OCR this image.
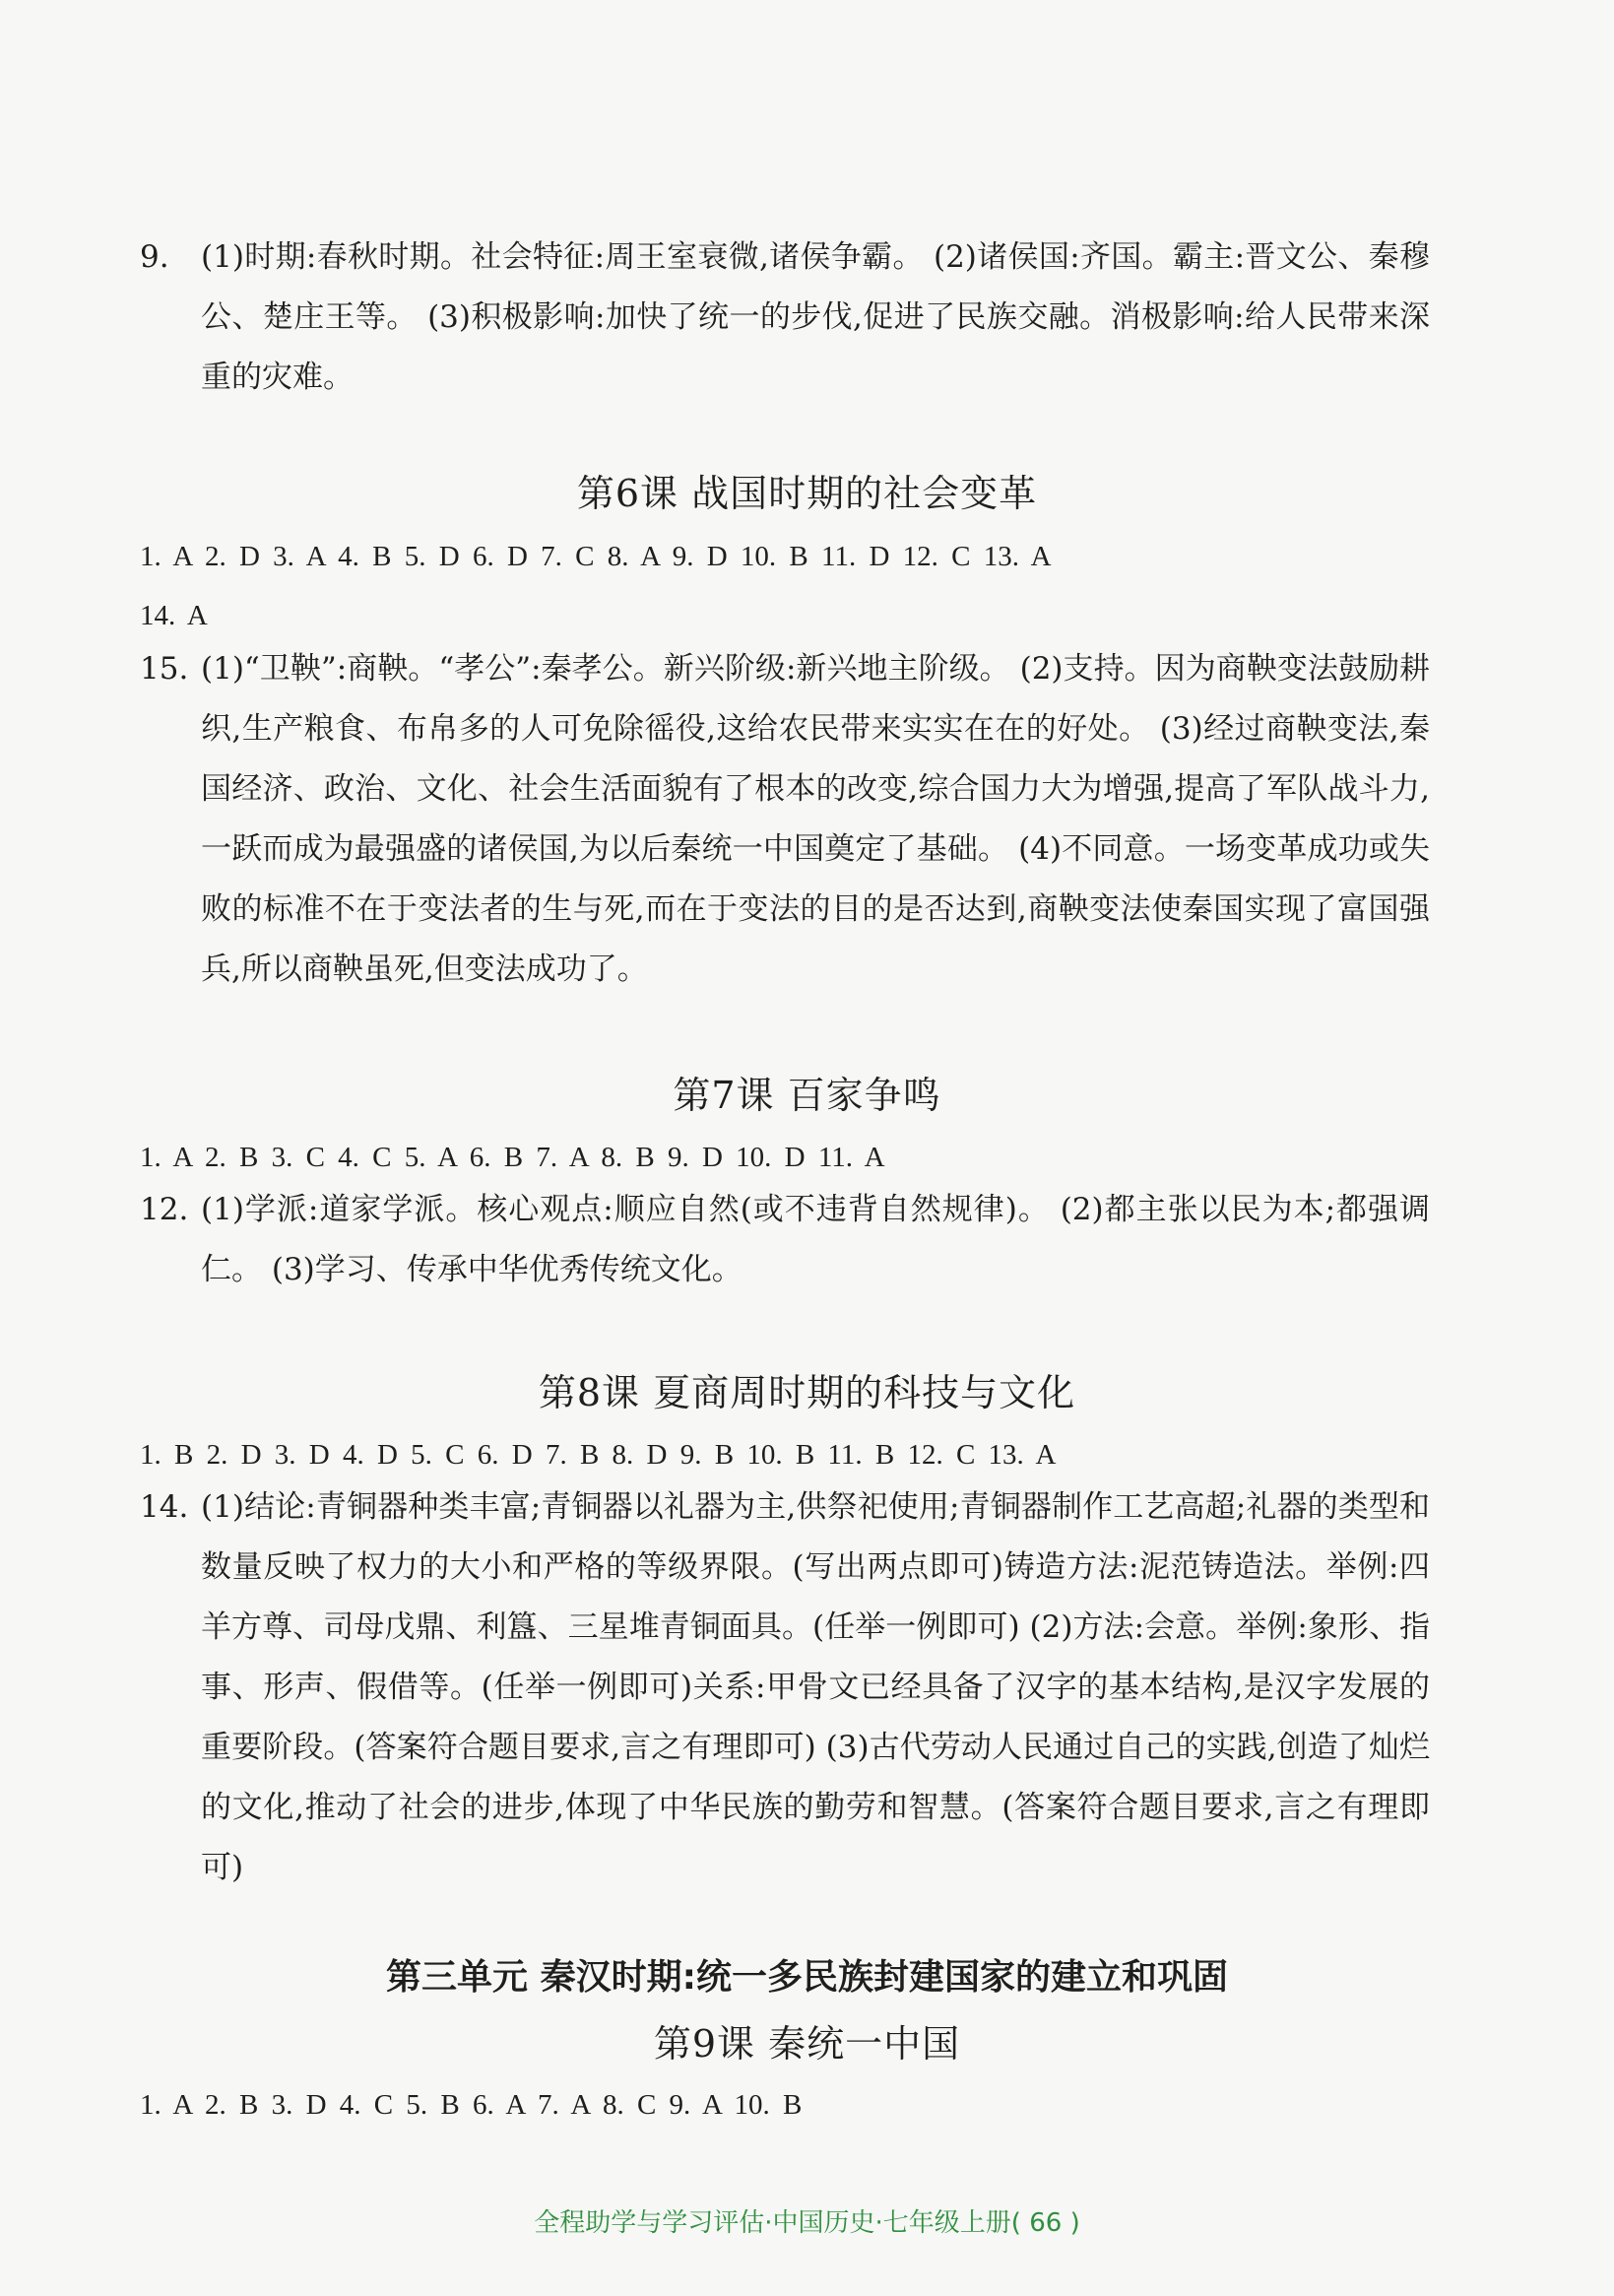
9. (1)时期:春秋时期。社会特征:周王室衰微,诸侯争霸。 (2)诸侯国:齐国。霸主:晋文公、秦穆公、楚庄王等。 (3)积极影响:加快了统一的步伐,促进了民族交融。消极影响:给人民带来深重的灾难。
第6课 战国时期的社会变革
1. A 2. D 3. A 4. B 5. D 6. D 7. C 8. A 9. D 10. B 11. D 12. C 13. A
14. A
15. (1)“卫鞅”:商鞅。“孝公”:秦孝公。新兴阶级:新兴地主阶级。 (2)支持。因为商鞅变法鼓励耕织,生产粮食、布帛多的人可免除徭役,这给农民带来实实在在的好处。 (3)经过商鞅变法,秦国经济、政治、文化、社会生活面貌有了根本的改变,综合国力大为增强,提高了军队战斗力,一跃而成为最强盛的诸侯国,为以后秦统一中国奠定了基础。 (4)不同意。一场变革成功或失败的标准不在于变法者的生与死,而在于变法的目的是否达到,商鞅变法使秦国实现了富国强兵,所以商鞅虽死,但变法成功了。
第7课 百家争鸣
1. A 2. B 3. C 4. C 5. A 6. B 7. A 8. B 9. D 10. D 11. A
12. (1)学派:道家学派。核心观点:顺应自然(或不违背自然规律)。 (2)都主张以民为本;都强调仁。 (3)学习、传承中华优秀传统文化。
第8课 夏商周时期的科技与文化
1. B 2. D 3. D 4. D 5. C 6. D 7. B 8. D 9. B 10. B 11. B 12. C 13. A
14. (1)结论:青铜器种类丰富;青铜器以礼器为主,供祭祀使用;青铜器制作工艺高超;礼器的类型和数量反映了权力的大小和严格的等级界限。(写出两点即可)铸造方法:泥范铸造法。举例:四羊方尊、司母戊鼎、利簋、三星堆青铜面具。(任举一例即可) (2)方法:会意。举例:象形、指事、形声、假借等。(任举一例即可)关系:甲骨文已经具备了汉字的基本结构,是汉字发展的重要阶段。(答案符合题目要求,言之有理即可) (3)古代劳动人民通过自己的实践,创造了灿烂的文化,推动了社会的进步,体现了中华民族的勤劳和智慧。(答案符合题目要求,言之有理即可)
第三单元 秦汉时期:统一多民族封建国家的建立和巩固
第9课 秦统一中国
1. A 2. B 3. D 4. C 5. B 6. A 7. A 8. C 9. A 10. B
全程助学与学习评估·中国历史·七年级上册( 66 )
